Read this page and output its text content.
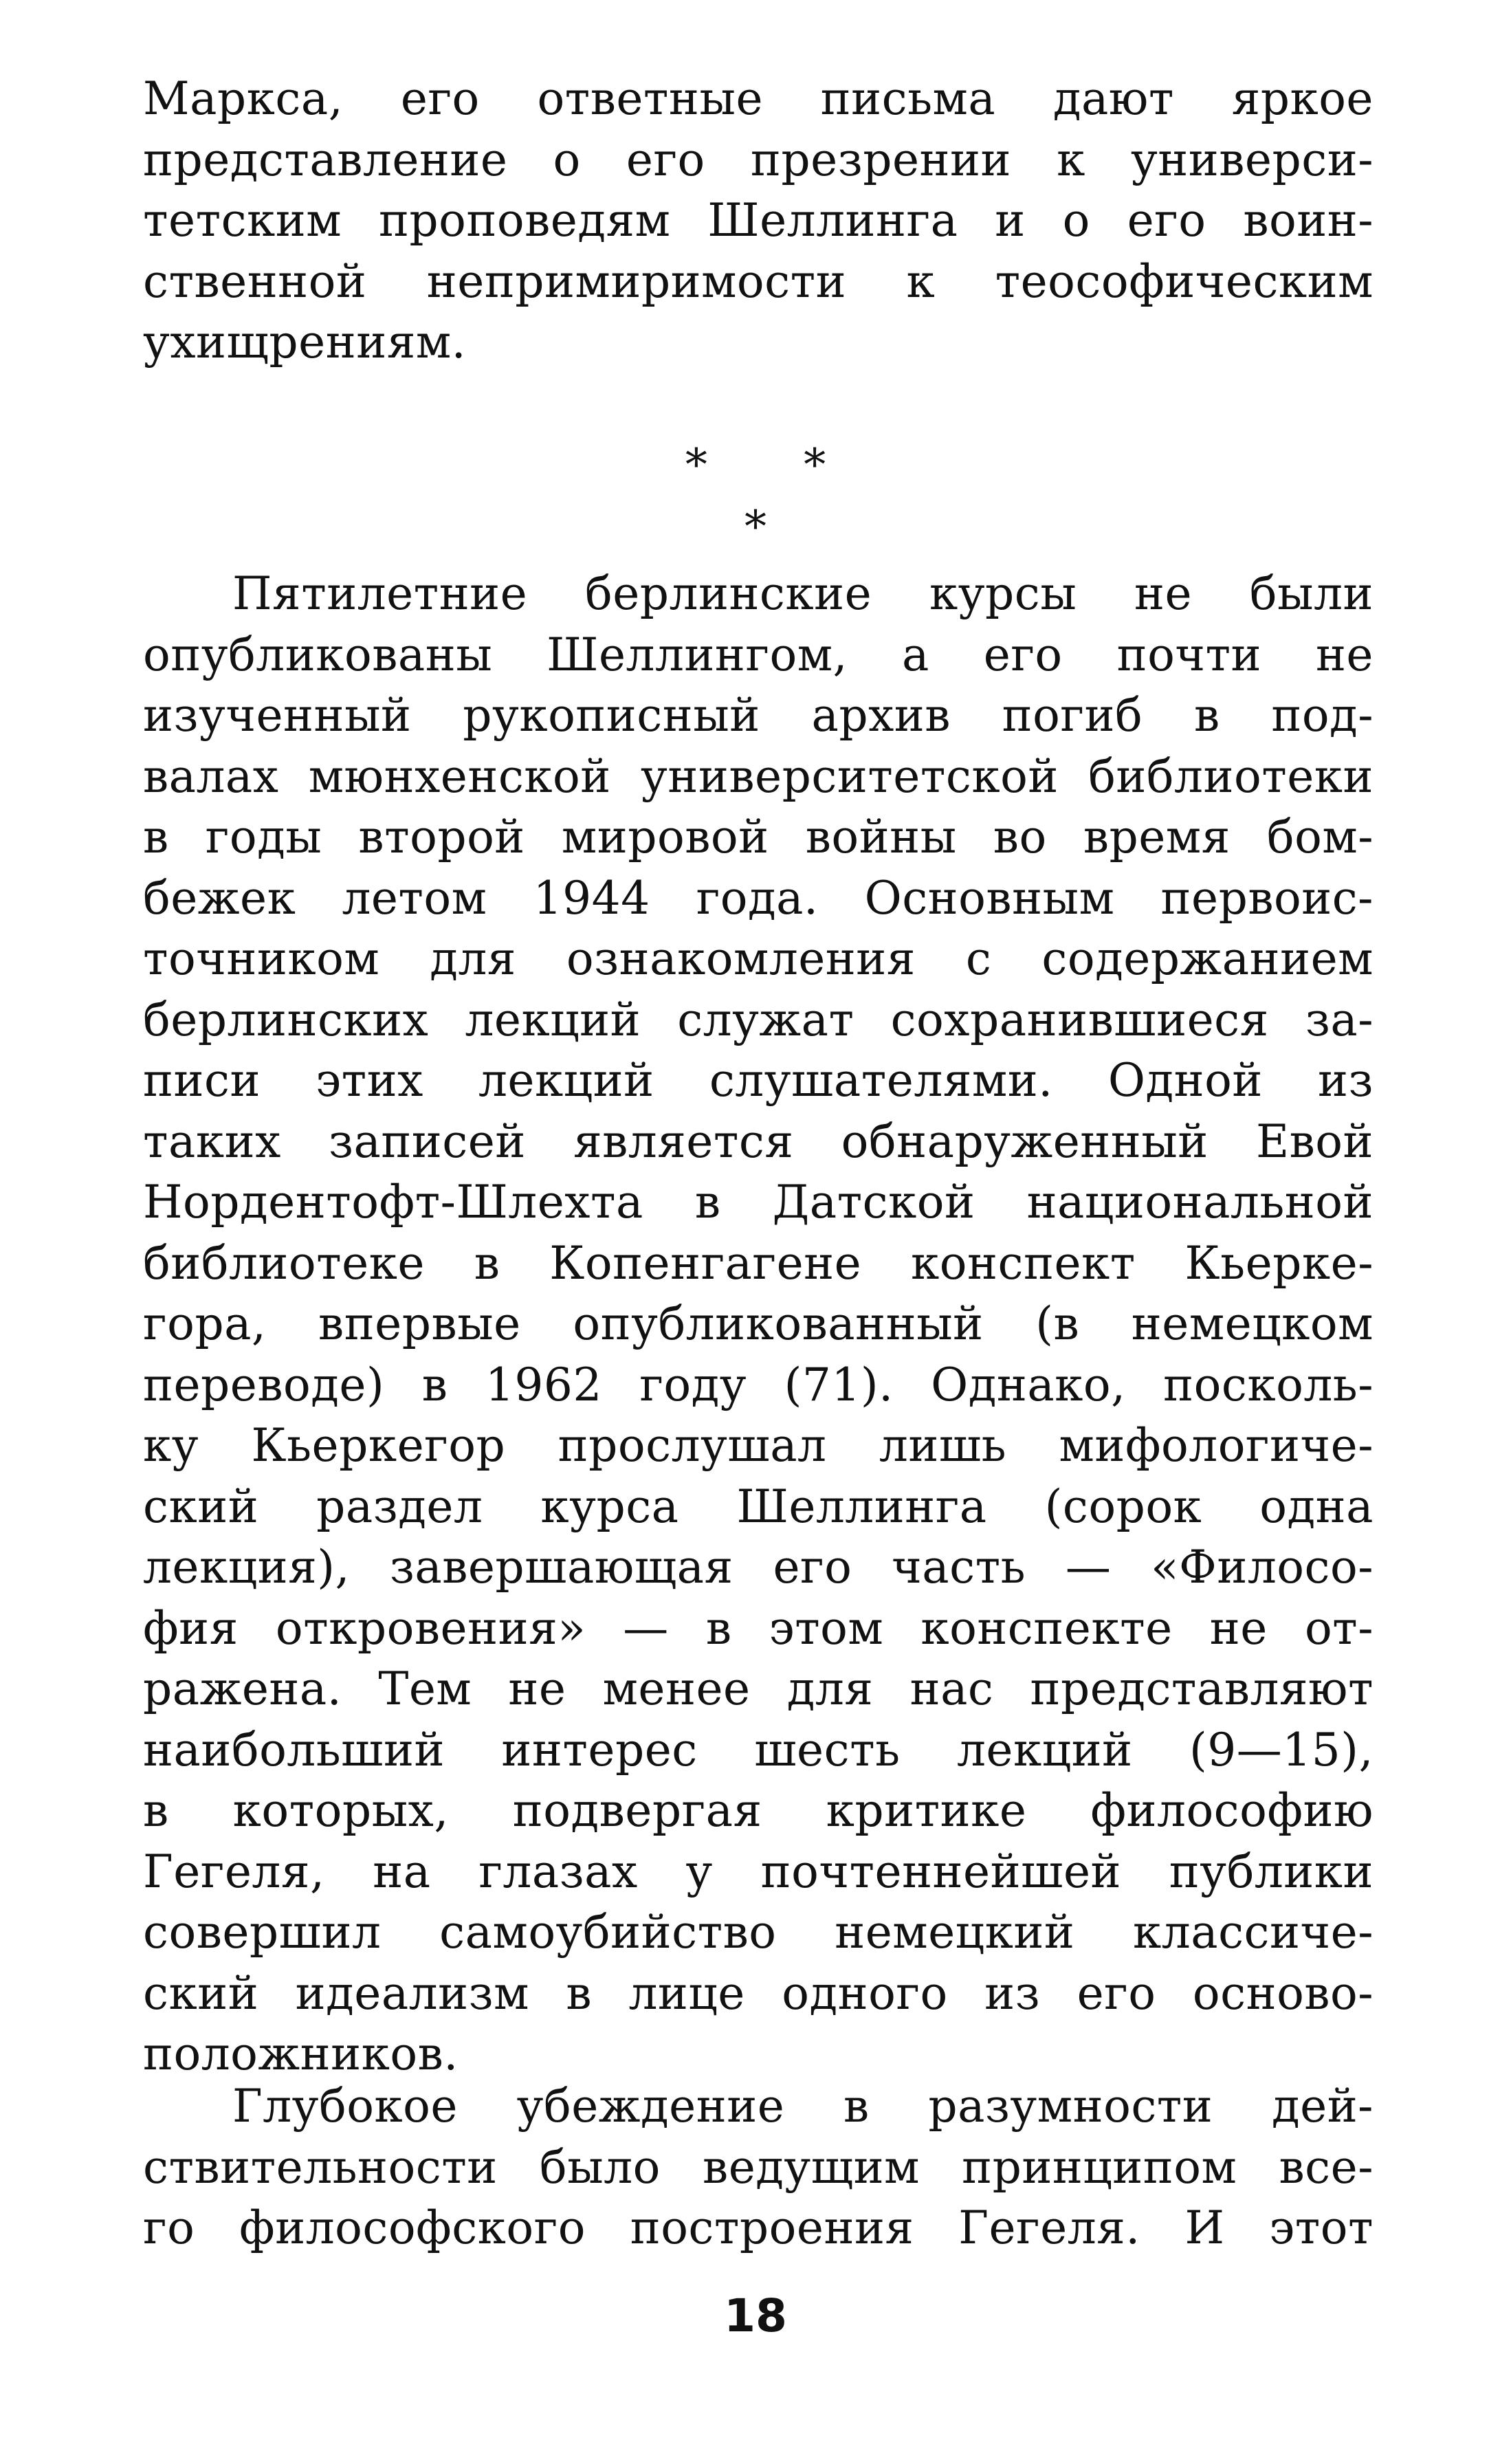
Маркса, его ответные письма дают яркое
представление о его презрении к универси-
тетским проповедям Шеллинга и о его воин-
ственной непримиримости к теософическим
ухищрениям.
* *
*
Пятилетние берлинские курсы не были
опубликованы Шеллингом, а его почти не
изученный рукописный архив погиб в под-
валах мюнхенской университетской библиотеки
в годы второй мировой войны во время бом-
бежек летом 1944 года. Основным первоис-
точником для ознакомления с содержанием
берлинских лекций служат сохранившиеся за-
писи этих лекций слушателями. Одной из
таких записей является обнаруженный Евой
Нордентофт-Шлехта в Датской национальной
библиотеке в Копенгагене конспект Кьерке-
гора, впервые опубликованный (в немецком
переводе) в 1962 году (71). Однако, посколь-
ку Кьеркегор прослушал лишь мифологиче-
ский раздел курса Шеллинга (сорок одна
лекция), завершающая его часть — «Филосо-
фия откровения» — в этом конспекте не от-
ражена. Тем не менее для нас представляют
наибольший интерес шесть лекций (9—15),
в которых, подвергая критике философию
Гегеля, на глазах у почтеннейшей публики
совершил самоубийство немецкий классиче-
ский идеализм в лице одного из его осново-
положников.
Глубокое убеждение в разумности дей-
ствительности было ведущим принципом все-
го философского построения Гегеля. И этот
18
